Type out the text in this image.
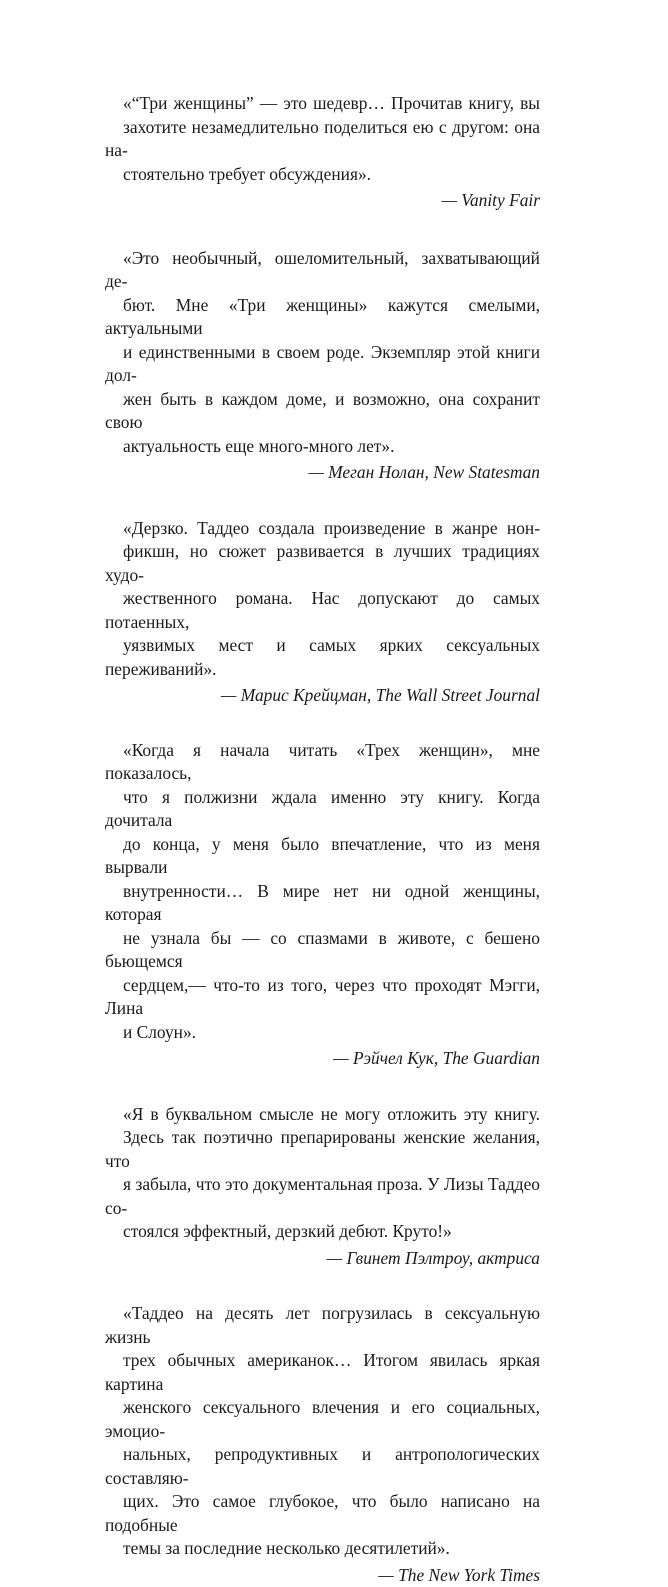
«“Три женщины” — это шедевр… Прочитав книгу, вы
захотите незамедлительно поделиться ею с другом: она на-
стоятельно требует обсуждения».

— Vanity Fair

«Это необычный, ошеломительный, захватывающий де-
бют. Мне «Три женщины» кажутся смелыми, актуальными
и единственными в своем роде. Экземпляр этой книги дол-
жен быть в каждом доме, и возможно, она сохранит свою
актуальность еще много-много лет».

— Меган Нолан, New Statesman

«Дерзко. Таддео создала произведение в жанре нон-
фикшн, но сюжет развивается в лучших традициях худо-
жественного романа. Нас допускают до самых потаенных,
уязвимых мест и самых ярких сексуальных переживаний».

— Марис Крейцман, The Wall Street Journal

«Когда я начала читать «Трех женщин», мне показалось,
что я полжизни ждала именно эту книгу. Когда дочитала
до конца, у меня было впечатление, что из меня вырвали
внутренности… В мире нет ни одной женщины, которая
не узнала бы — со спазмами в животе, с бешено бьющемся
сердцем,— что-то из того, через что проходят Мэгги, Лина
и Слоун».

— Рэйчел Кук, The Guardian

«Я в буквальном смысле не могу отложить эту книгу.
Здесь так поэтично препарированы женские желания, что
я забыла, что это документальная проза. У Лизы Таддео со-
стоялся эффектный, дерзкий дебют. Круто!»

— Гвинет Пэлтроу, актриса

«Таддео на десять лет погрузилась в сексуальную жизнь
трех обычных американок… Итогом явилась яркая картина
женского сексуального влечения и его социальных, эмоцио-
нальных, репродуктивных и антропологических составляю-
щих. Это самое глубокое, что было написано на подобные
темы за последние несколько десятилетий».

— The New York Times
